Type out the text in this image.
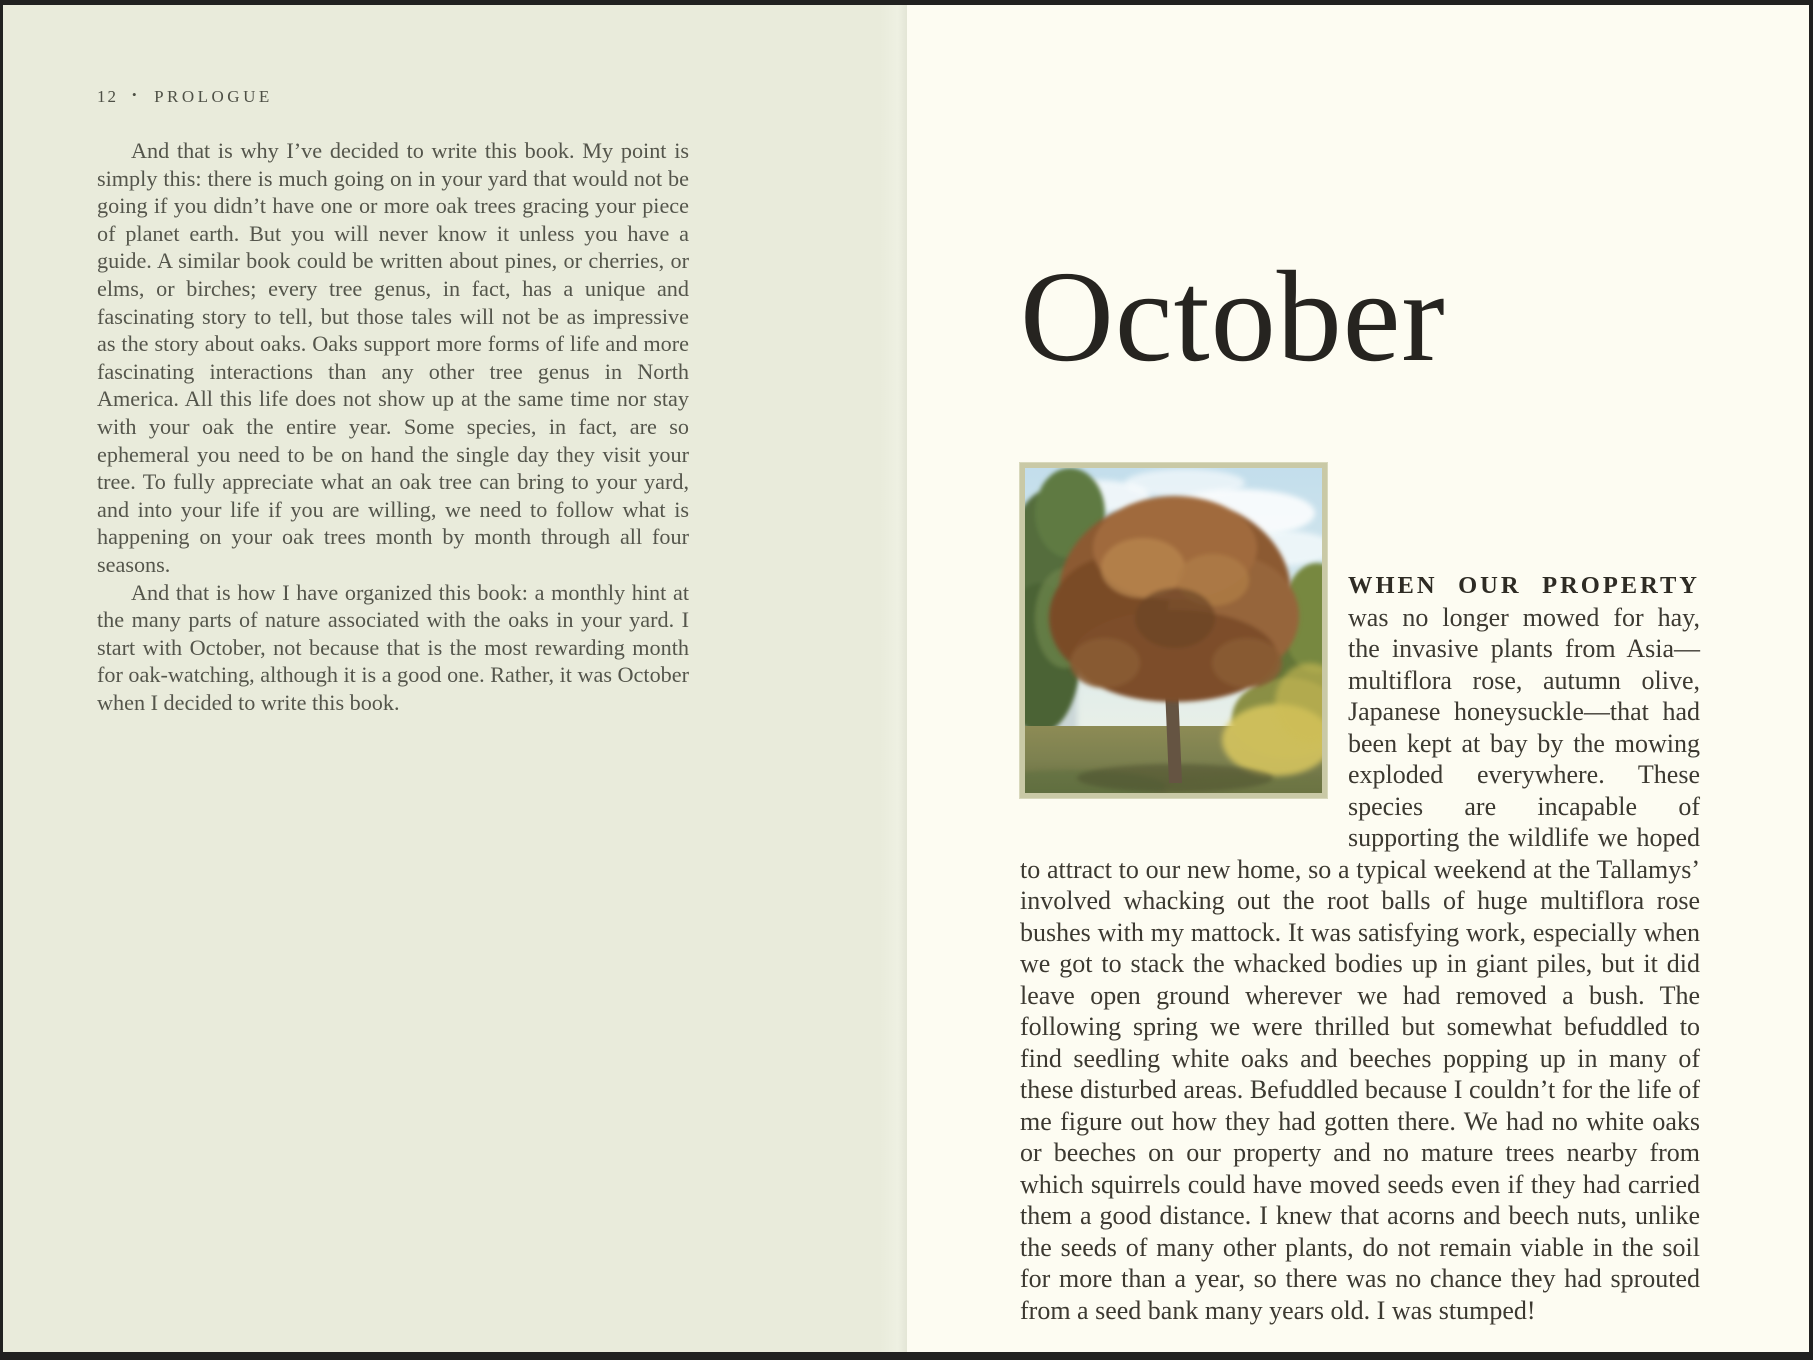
12 • PROLOGUE

And that is why I’ve decided to write this book. My point is simply this: there is much going on in your yard that would not be going if you didn’t have one or more oak trees gracing your piece of planet earth. But you will never know it unless you have a guide. A similar book could be written about pines, or cherries, or elms, or birches; every tree genus, in fact, has a unique and fascinating story to tell, but those tales will not be as impressive as the story about oaks. Oaks support more forms of life and more fascinating interactions than any other tree genus in North America. All this life does not show up at the same time nor stay with your oak the entire year. Some species, in fact, are so ephemeral you need to be on hand the single day they visit your tree. To fully appreciate what an oak tree can bring to your yard, and into your life if you are willing, we need to follow what is happening on your oak trees month by month through all four seasons.

And that is how I have organized this book: a monthly hint at the many parts of nature associated with the oaks in your yard. I start with October, not because that is the most rewarding month for oak-watching, although it is a good one. Rather, it was October when I decided to write this book.

October

WHEN OUR PROPERTY was no longer mowed for hay, the invasive plants from Asia—multiflora rose, autumn olive, Japanese honeysuckle—that had been kept at bay by the mowing exploded everywhere. These species are incapable of supporting the wildlife we hoped to attract to our new home, so a typical weekend at the Tallamys’ involved whacking out the root balls of huge multiflora rose bushes with my mattock. It was satisfying work, especially when we got to stack the whacked bodies up in giant piles, but it did leave open ground wherever we had removed a bush. The following spring we were thrilled but somewhat befuddled to find seedling white oaks and beeches popping up in many of these disturbed areas. Befuddled because I couldn’t for the life of me figure out how they had gotten there. We had no white oaks or beeches on our property and no mature trees nearby from which squirrels could have moved seeds even if they had carried them a good distance. I knew that acorns and beech nuts, unlike the seeds of many other plants, do not remain viable in the soil for more than a year, so there was no chance they had sprouted from a seed bank many years old. I was stumped!
